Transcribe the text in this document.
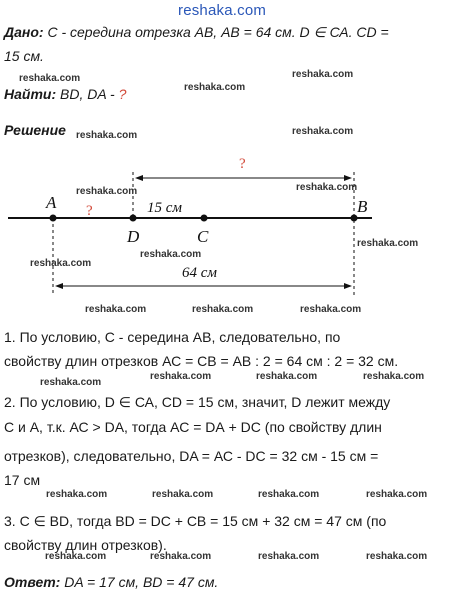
reshaka.com
Дано: С - середина отрезка АВ, АВ = 64 см. D ∈ СА. СD =
15 см.
Найти: ВD, DA - ?
Решение
A
D	C
B
15 см
64 см
?
?
1. По условию, С - середина АВ, следовательно, по
свойству длин отрезков АС = СВ = АВ : 2 = 64 см : 2 = 32 см.
2. По условию, D ∈ СА, СD = 15 см, значит, D лежит между
С и А, т.к. АС > DА, тогда АС = DА + DС (по свойству длин
отрезков), следовательно, DA = АС - DC = 32 см - 15 см =
17 см
3. С ∈ ВD, тогда ВD = DС + СВ = 15 см + 32 см = 47 см (по
свойству длин отрезков).
Ответ: DA = 17 см, ВD = 47 см.
reshaka.com
reshaka.com
reshaka.com
reshaka.com	reshaka.com
reshaka.com	reshaka.com
reshaka.com
reshaka.com
reshaka.com
reshaka.com	reshaka.com	reshaka.com
reshaka.com
reshaka.com	reshaka.com	reshaka.com
reshaka.com	reshaka.com	reshaka.com	reshaka.com
reshaka.com	reshaka.com	reshaka.com	reshaka.com
